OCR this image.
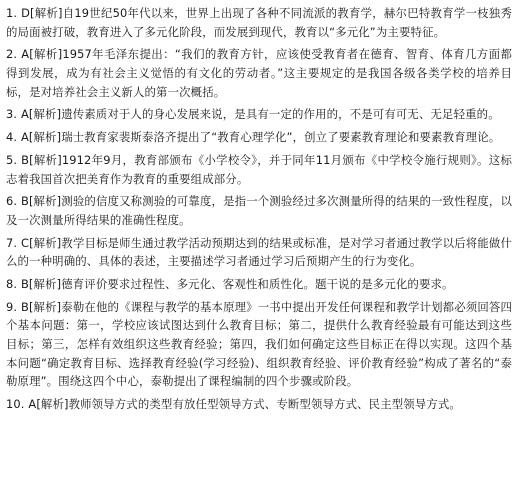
1. D[解析]自19世纪50年代以来，世界上出现了各种不同流派的教育学，赫尔巴特教育学一枝独秀的局面被打破，教育进入了多元化阶段，而发展到现代，教育以“多元化”为主要特征。

2. A[解析]1957年毛泽东提出：“我们的教育方针，应该使受教育者在德育、智育、体育几方面都得到发展，成为有社会主义觉悟的有文化的劳动者。”这主要规定的是我国各级各类学校的培养目标，是对培养社会主义新人的第一次概括。

3. A[解析]遗传素质对于人的身心发展来说，是具有一定的作用的，不是可有可无、无足轻重的。

4. A[解析]瑞士教育家裴斯泰洛齐提出了“教育心理学化”，创立了要素教育理论和要素教育理论。

5. B[解析]1912年9月，教育部颁布《小学校令》，并于同年11月颁布《中学校令施行规则》。这标志着我国首次把美育作为教育的重要组成部分。

6. B[解析]测验的信度又称测验的可靠度，是指一个测验经过多次测量所得的结果的一致性程度，以及一次测量所得结果的准确性程度。

7. C[解析]教学目标是师生通过教学活动预期达到的结果或标准，是对学习者通过教学以后将能做什么的一种明确的、具体的表述，主要描述学习者通过学习后预期产生的行为变化。

8. B[解析]德育评价要求过程性、多元化、客观性和质性化。题干说的是多元化的要求。

9. B[解析]泰勒在他的《课程与教学的基本原理》一书中提出开发任何课程和教学计划都必须回答四个基本问题：第一，学校应该试图达到什么教育目标；第二，提供什么教育经验最有可能达到这些目标；第三，怎样有效组织这些教育经验；第四，我们如何确定这些目标正在得以实现。这四个基本问题“确定教育目标、选择教育经验(学习经验)、组织教育经验、评价教育经验”构成了著名的“泰勒原理”。围绕这四个中心，泰勒提出了课程编制的四个步骤或阶段。

10. A[解析]教师领导方式的类型有放任型领导方式、专断型领导方式、民主型领导方式。
